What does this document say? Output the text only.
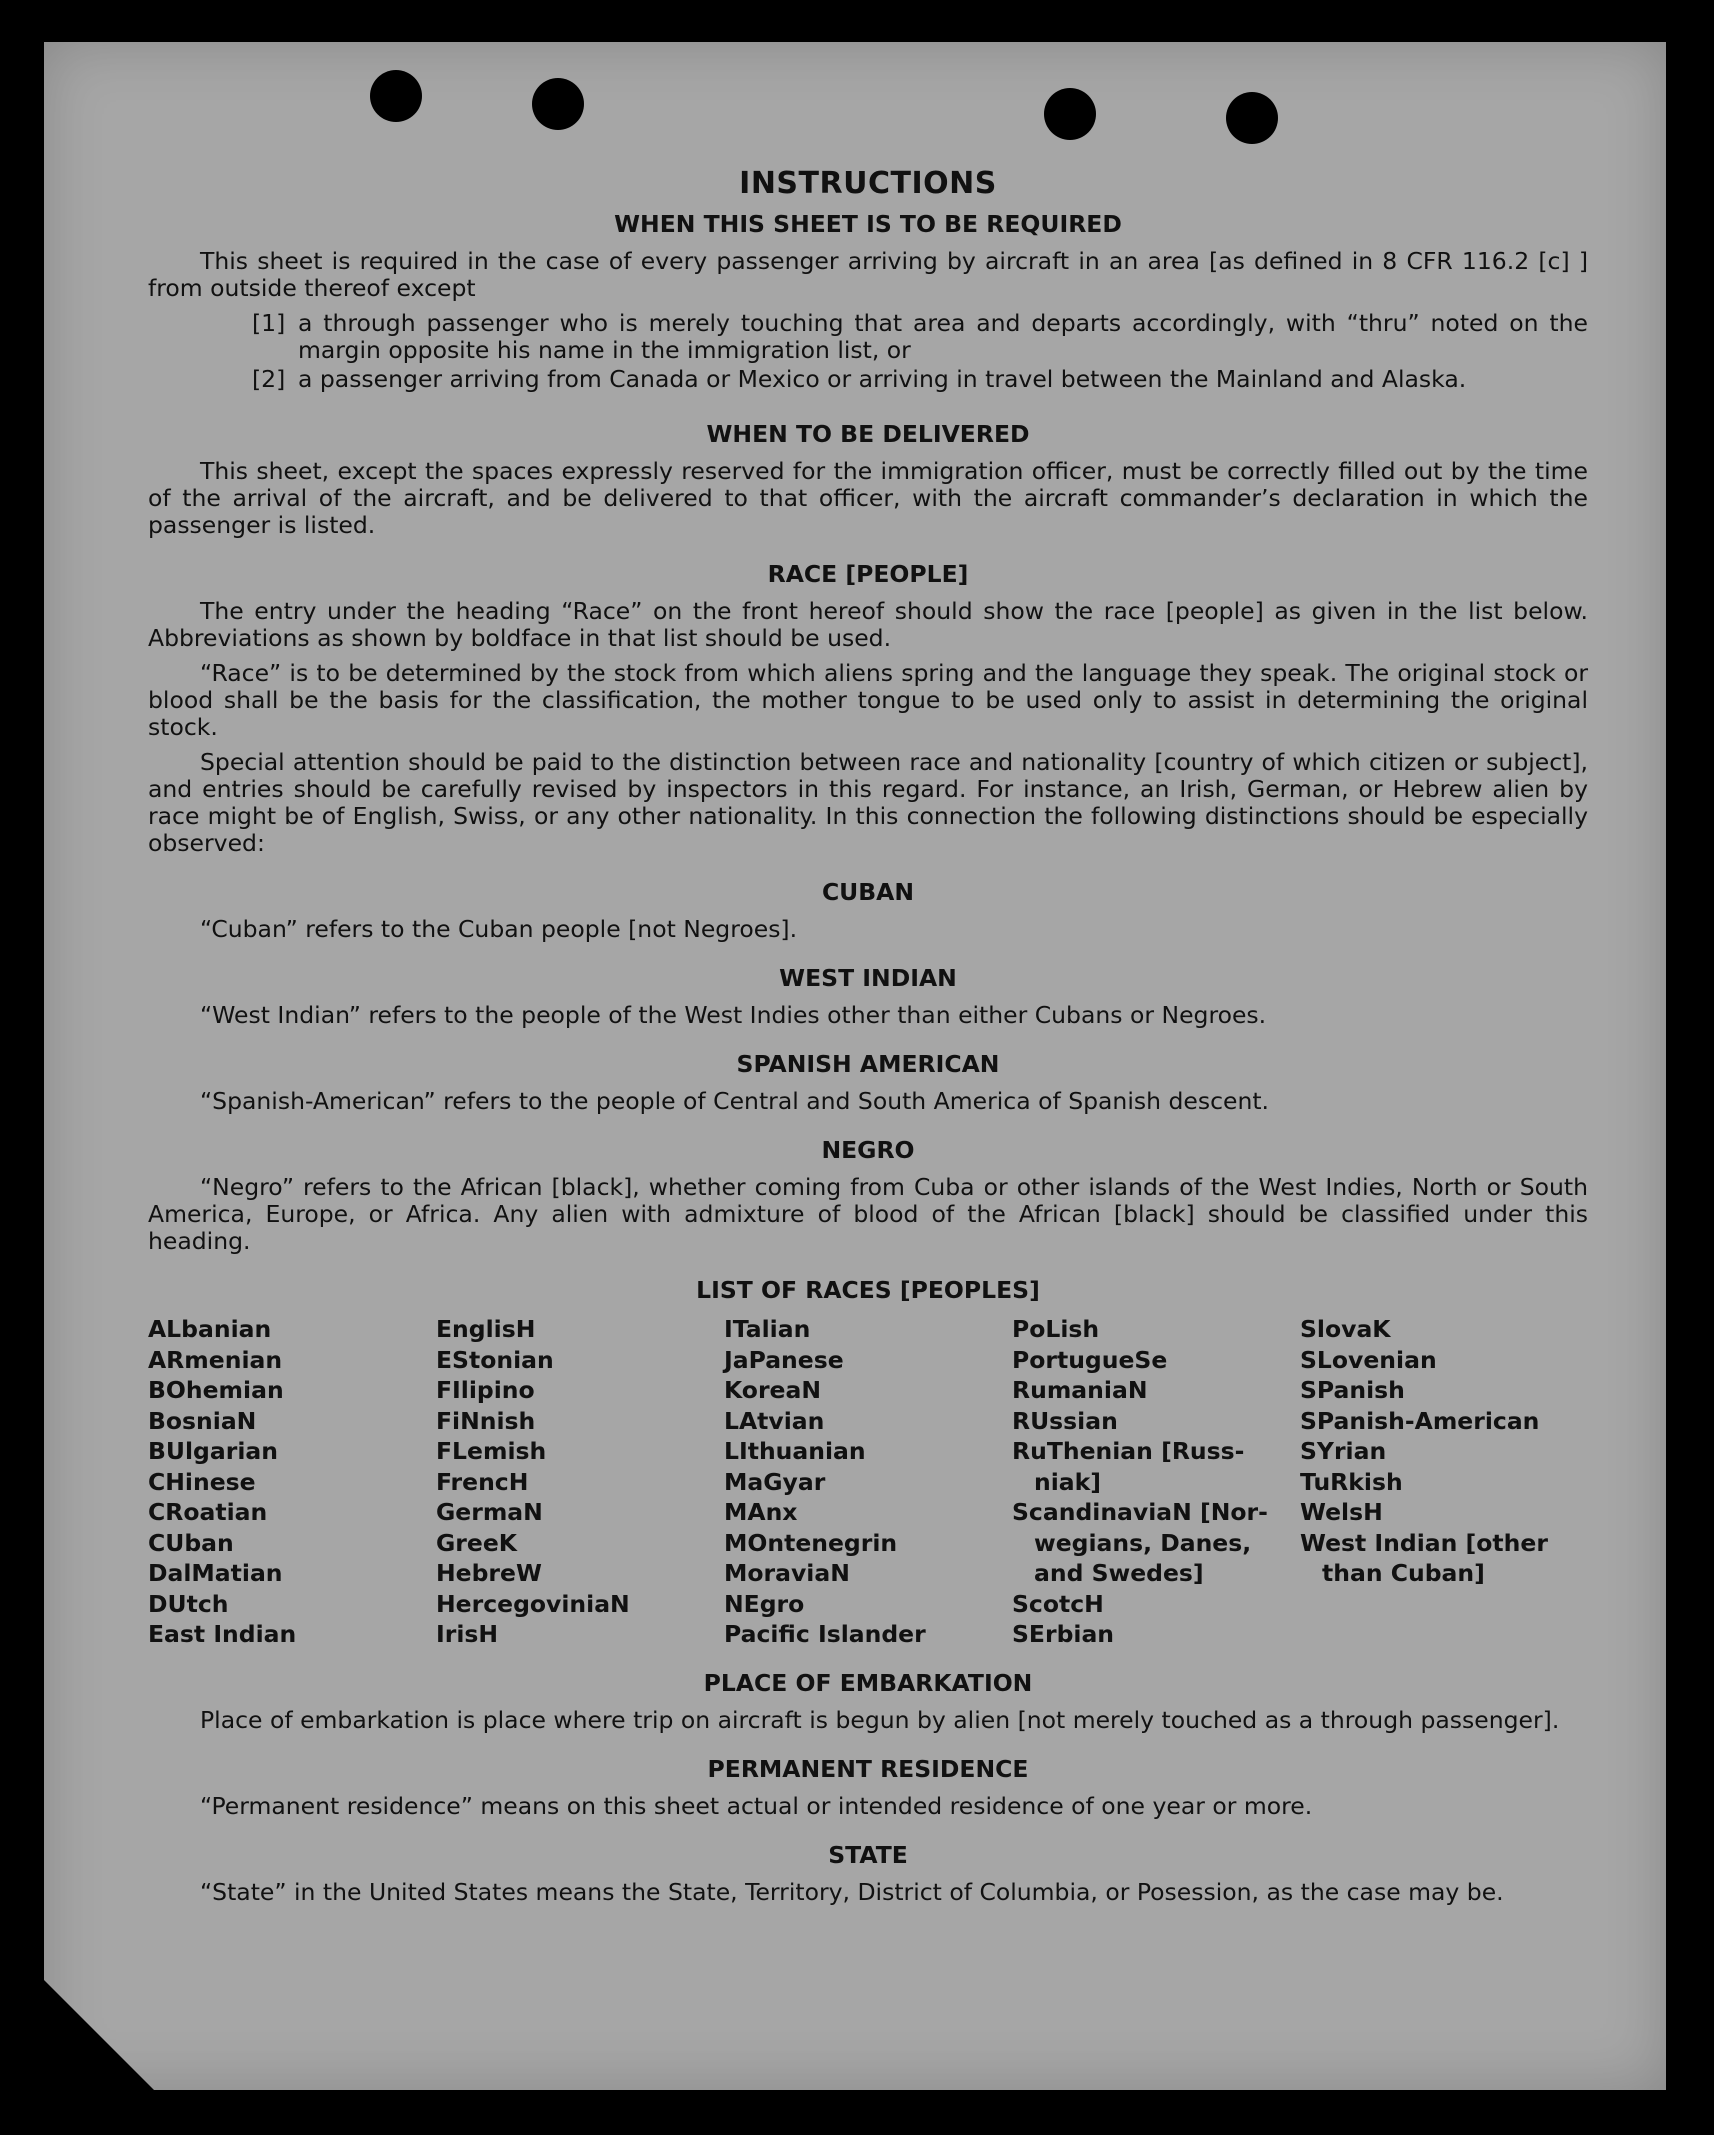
INSTRUCTIONS
WHEN THIS SHEET IS TO BE REQUIRED

This sheet is required in the case of every passenger arriving by aircraft in an area [as defined in 8 CFR 116.2 [c] ] from outside thereof except

[1] a through passenger who is merely touching that area and departs accordingly, with “thru” noted on the margin opposite his name in the immigration list, or
[2] a passenger arriving from Canada or Mexico or arriving in travel between the Mainland and Alaska.
WHEN TO BE DELIVERED

This sheet, except the spaces expressly reserved for the immigration officer, must be correctly filled out by the time of the arrival of the aircraft, and be delivered to that officer, with the aircraft commander’s declaration in which the passenger is listed.

RACE [PEOPLE]

The entry under the heading “Race” on the front hereof should show the race [people] as given in the list below. Abbreviations as shown by boldface in that list should be used.

“Race” is to be determined by the stock from which aliens spring and the language they speak. The original stock or blood shall be the basis for the classification, the mother tongue to be used only to assist in determining the original stock.

Special attention should be paid to the distinction between race and nationality [country of which citizen or subject], and entries should be carefully revised by inspectors in this regard. For instance, an Irish, German, or Hebrew alien by race might be of English, Swiss, or any other nationality. In this connection the following distinctions should be especially observed:

CUBAN

“Cuban” refers to the Cuban people [not Negroes].

WEST INDIAN

“West Indian” refers to the people of the West Indies other than either Cubans or Negroes.

SPANISH AMERICAN

“Spanish-American” refers to the people of Central and South America of Spanish descent.

NEGRO

“Negro” refers to the African [black], whether coming from Cuba or other islands of the West Indies, North or South America, Europe, or Africa. Any alien with admixture of blood of the African [black] should be classified under this heading.

LIST OF RACES [PEOPLES]
ALbanian
ARmenian
BOhemian
BosniaN
BUlgarian
CHinese
CRoatian
CUban
DalMatian
DUtch
East Indian
EnglisH
EStonian
FIlipino
FiNnish
FLemish
FrencH
GermaN
GreeK
HebreW
HercegoviniaN
IrisH
ITalian
JaPanese
KoreaN
LAtvian
LIthuanian
MaGyar
MAnx
MOntenegrin
MoraviaN
NEgro
Pacific Islander
PoLish
PortugueSe
RumaniaN
RUssian
RuThenian [Russ-
niak]
ScandinaviaN [Nor-
wegians, Danes,
and Swedes]
ScotcH
SErbian
SlovaK
SLovenian
SPanish
SPanish-American
SYrian
TuRkish
WelsH
West Indian [other
than Cuban]
PLACE OF EMBARKATION

Place of embarkation is place where trip on aircraft is begun by alien [not merely touched as a through passenger].

PERMANENT RESIDENCE

“Permanent residence” means on this sheet actual or intended residence of one year or more.

STATE

“State” in the United States means the State, Territory, District of Columbia, or Posession, as the case may be.
